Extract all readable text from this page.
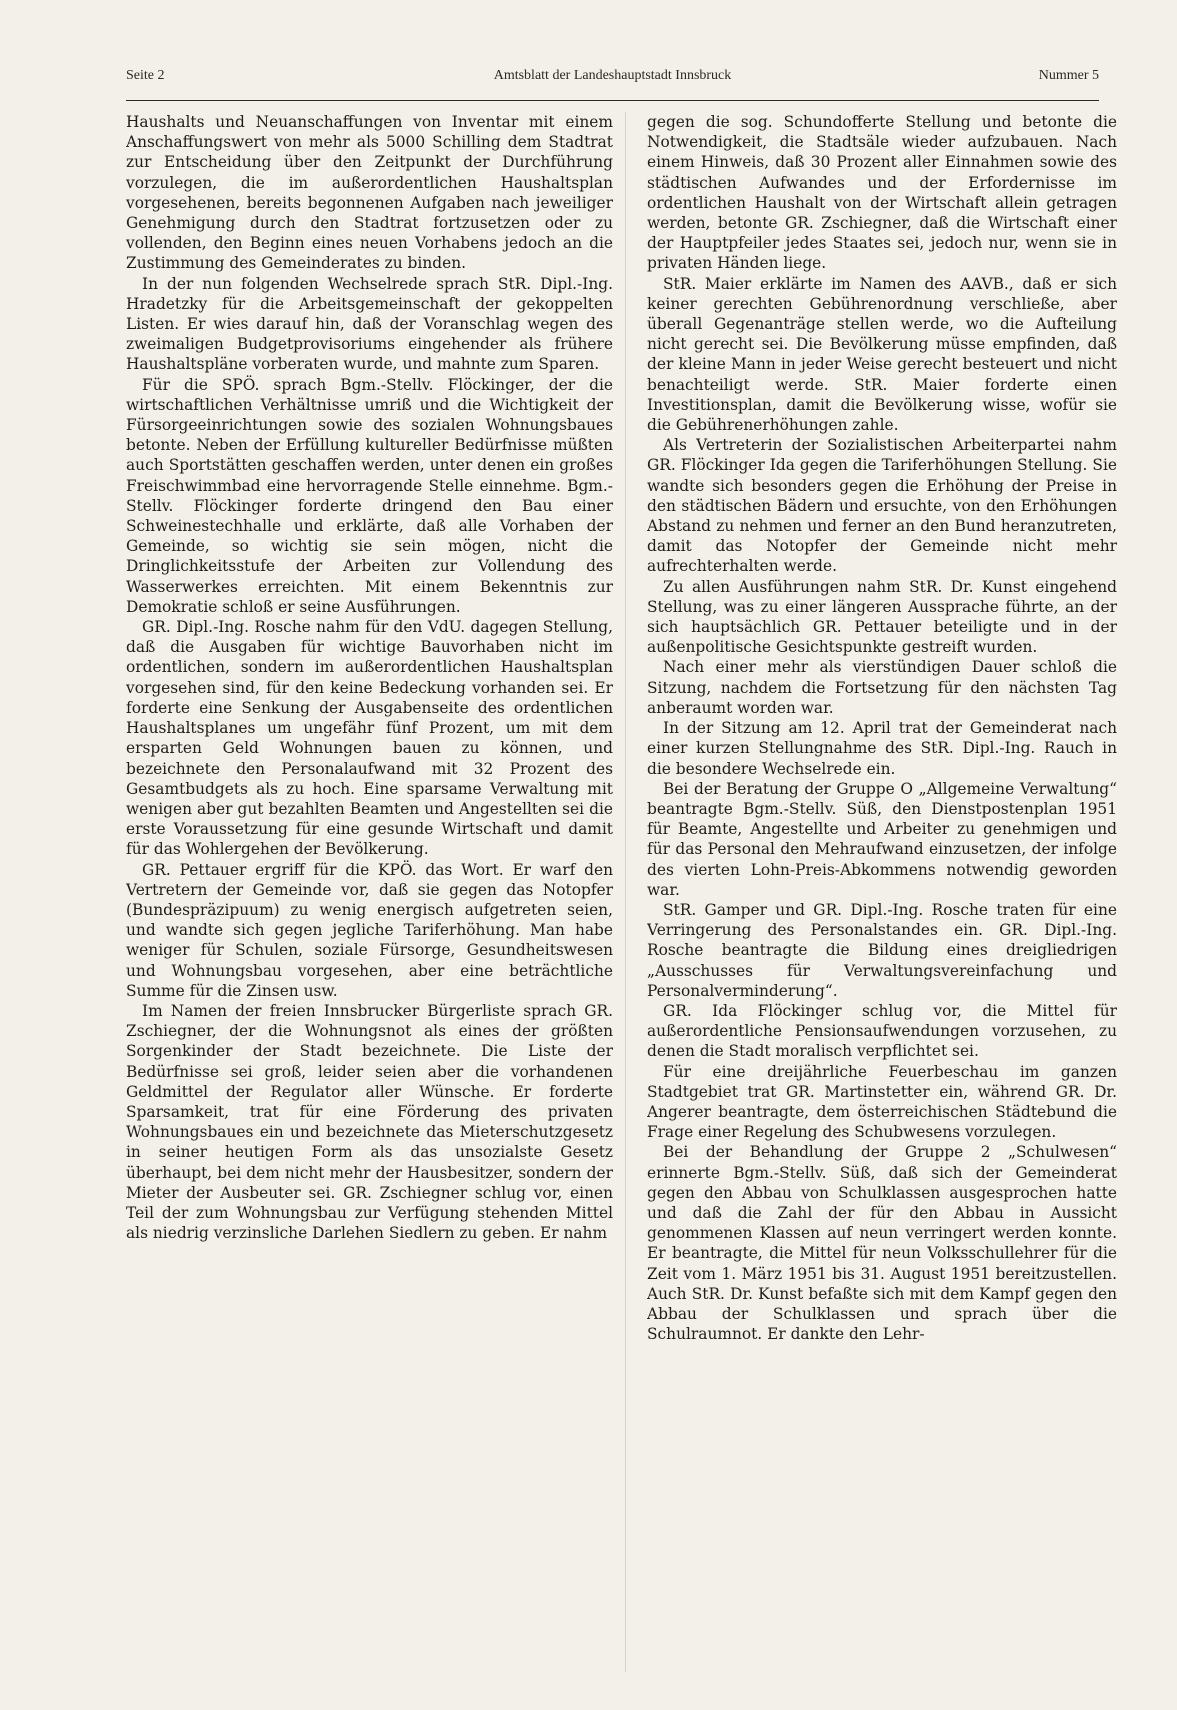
Seite 2	Amtsblatt der Landeshauptstadt Innsbruck	Nummer 5

Haushalts und Neuanschaffungen von Inventar mit einem Anschaffungswert von mehr als 5000 Schilling dem Stadtrat zur Entscheidung über den Zeitpunkt der Durchführung vorzulegen, die im außerordentlichen Haushaltsplan vorgesehenen, bereits begonnenen Aufgaben nach jeweiliger Genehmigung durch den Stadtrat fortzusetzen oder zu vollenden, den Beginn eines neuen Vorhabens jedoch an die Zustimmung des Gemeinderates zu binden.

In der nun folgenden Wechselrede sprach StR. Dipl.-Ing. Hradetzky für die Arbeitsgemeinschaft der gekoppelten Listen. Er wies darauf hin, daß der Voranschlag wegen des zweimaligen Budgetprovisoriums eingehender als frühere Haushaltspläne vorberaten wurde, und mahnte zum Sparen.

Für die SPÖ. sprach Bgm.-Stellv. Flöckinger, der die wirtschaftlichen Verhältnisse umriß und die Wichtigkeit der Fürsorgeeinrichtungen sowie des sozialen Wohnungsbaues betonte. Neben der Erfüllung kultureller Bedürfnisse müßten auch Sportstätten geschaffen werden, unter denen ein großes Freischwimmbad eine hervorragende Stelle einnehme. Bgm.-Stellv. Flöckinger forderte dringend den Bau einer Schweinestechhalle und erklärte, daß alle Vorhaben der Gemeinde, so wichtig sie sein mögen, nicht die Dringlichkeitsstufe der Arbeiten zur Vollendung des Wasserwerkes erreichten. Mit einem Bekenntnis zur Demokratie schloß er seine Ausführungen.

GR. Dipl.-Ing. Rosche nahm für den VdU. dagegen Stellung, daß die Ausgaben für wichtige Bauvorhaben nicht im ordentlichen, sondern im außerordentlichen Haushaltsplan vorgesehen sind, für den keine Bedeckung vorhanden sei. Er forderte eine Senkung der Ausgabenseite des ordentlichen Haushaltsplanes um ungefähr fünf Prozent, um mit dem ersparten Geld Wohnungen bauen zu können, und bezeichnete den Personalaufwand mit 32 Prozent des Gesamtbudgets als zu hoch. Eine sparsame Verwaltung mit wenigen aber gut bezahlten Beamten und Angestellten sei die erste Voraussetzung für eine gesunde Wirtschaft und damit für das Wohlergehen der Bevölkerung.

GR. Pettauer ergriff für die KPÖ. das Wort. Er warf den Vertretern der Gemeinde vor, daß sie gegen das Notopfer (Bundespräzipuum) zu wenig energisch aufgetreten seien, und wandte sich gegen jegliche Tariferhöhung. Man habe weniger für Schulen, soziale Fürsorge, Gesundheitswesen und Wohnungsbau vorgesehen, aber eine beträchtliche Summe für die Zinsen usw.

Im Namen der freien Innsbrucker Bürgerliste sprach GR. Zschiegner, der die Wohnungsnot als eines der größten Sorgenkinder der Stadt bezeichnete. Die Liste der Bedürfnisse sei groß, leider seien aber die vorhandenen Geldmittel der Regulator aller Wünsche. Er forderte Sparsamkeit, trat für eine Förderung des privaten Wohnungsbaues ein und bezeichnete das Mieterschutzgesetz in seiner heutigen Form als das unsozialste Gesetz überhaupt, bei dem nicht mehr der Hausbesitzer, sondern der Mieter der Ausbeuter sei. GR. Zschiegner schlug vor, einen Teil der zum Wohnungsbau zur Verfügung stehenden Mittel als niedrig verzinsliche Darlehen Siedlern zu geben. Er nahm

gegen die sog. Schundofferte Stellung und betonte die Notwendigkeit, die Stadtsäle wieder aufzubauen. Nach einem Hinweis, daß 30 Prozent aller Einnahmen sowie des städtischen Aufwandes und der Erfordernisse im ordentlichen Haushalt von der Wirtschaft allein getragen werden, betonte GR. Zschiegner, daß die Wirtschaft einer der Hauptpfeiler jedes Staates sei, jedoch nur, wenn sie in privaten Händen liege.

StR. Maier erklärte im Namen des AAVB., daß er sich keiner gerechten Gebührenordnung verschließe, aber überall Gegenanträge stellen werde, wo die Aufteilung nicht gerecht sei. Die Bevölkerung müsse empfinden, daß der kleine Mann in jeder Weise gerecht besteuert und nicht benachteiligt werde. StR. Maier forderte einen Investitionsplan, damit die Bevölkerung wisse, wofür sie die Gebührenerhöhungen zahle.

Als Vertreterin der Sozialistischen Arbeiterpartei nahm GR. Flöckinger Ida gegen die Tariferhöhungen Stellung. Sie wandte sich besonders gegen die Erhöhung der Preise in den städtischen Bädern und ersuchte, von den Erhöhungen Abstand zu nehmen und ferner an den Bund heranzutreten, damit das Notopfer der Gemeinde nicht mehr aufrechterhalten werde.

Zu allen Ausführungen nahm StR. Dr. Kunst eingehend Stellung, was zu einer längeren Aussprache führte, an der sich hauptsächlich GR. Pettauer beteiligte und in der außenpolitische Gesichtspunkte gestreift wurden.

Nach einer mehr als vierstündigen Dauer schloß die Sitzung, nachdem die Fortsetzung für den nächsten Tag anberaumt worden war.

In der Sitzung am 12. April trat der Gemeinderat nach einer kurzen Stellungnahme des StR. Dipl.-Ing. Rauch in die besondere Wechselrede ein.

Bei der Beratung der Gruppe O „Allgemeine Verwaltung“ beantragte Bgm.-Stellv. Süß, den Dienstpostenplan 1951 für Beamte, Angestellte und Arbeiter zu genehmigen und für das Personal den Mehraufwand einzusetzen, der infolge des vierten Lohn-Preis-Abkommens notwendig geworden war.

StR. Gamper und GR. Dipl.-Ing. Rosche traten für eine Verringerung des Personalstandes ein. GR. Dipl.-Ing. Rosche beantragte die Bildung eines dreigliedrigen „Ausschusses für Verwaltungsvereinfachung und Personalverminderung“.

GR. Ida Flöckinger schlug vor, die Mittel für außerordentliche Pensionsaufwendungen vorzusehen, zu denen die Stadt moralisch verpflichtet sei.

Für eine dreijährliche Feuerbeschau im ganzen Stadtgebiet trat GR. Martinstetter ein, während GR. Dr. Angerer beantragte, dem österreichischen Städtebund die Frage einer Regelung des Schubwesens vorzulegen.

Bei der Behandlung der Gruppe 2 „Schulwesen“ erinnerte Bgm.-Stellv. Süß, daß sich der Gemeinderat gegen den Abbau von Schulklassen ausgesprochen hatte und daß die Zahl der für den Abbau in Aussicht genommenen Klassen auf neun verringert werden konnte. Er beantragte, die Mittel für neun Volksschullehrer für die Zeit vom 1. März 1951 bis 31. August 1951 bereitzustellen. Auch StR. Dr. Kunst befaßte sich mit dem Kampf gegen den Abbau der Schulklassen und sprach über die Schulraumnot. Er dankte den Lehr-
